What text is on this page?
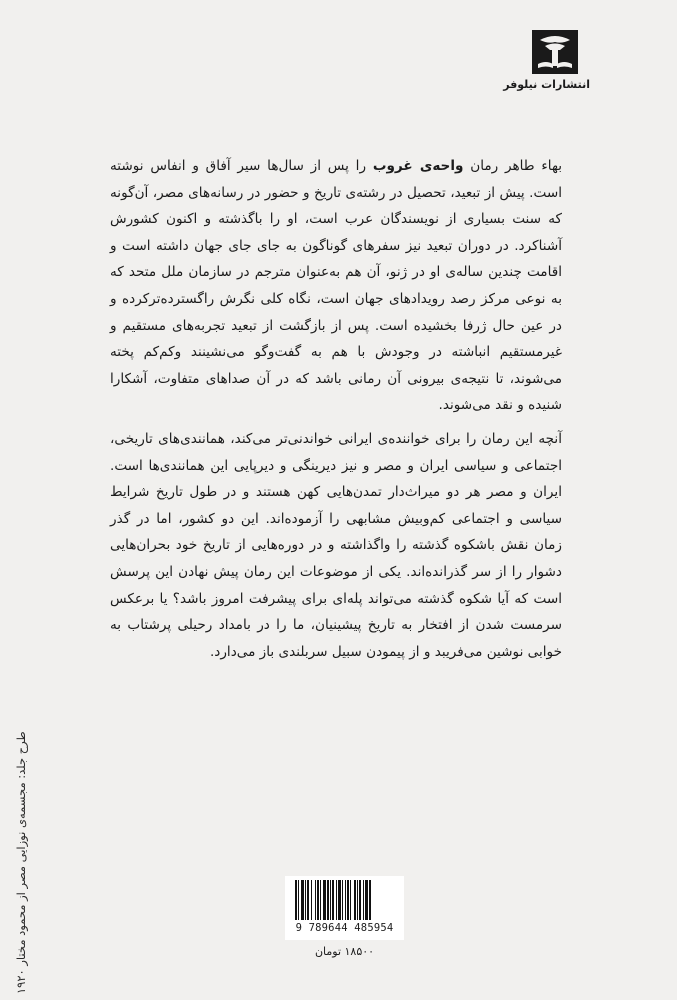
انتشارات نیلوفر

بهاء طاهر رمان واحه‌ی غروب را پس از سال‌ها سیر آفاق و انفاس نوشته است. پیش از تبعید، تحصیل در رشته‌ی تاریخ و حضور در رسانه‌های مصر، آن‌گونه که سنت بسیاری از نویسندگان عرب است، او را باگذشته و اکنون کشورش آشناکرد. در دوران تبعید نیز سفرهای گوناگون به جای جای جهان داشته است و اقامت چندین ساله‌ی او در ژنو، آن هم به‌عنوان مترجم در سازمان ملل متحد که به نوعی مرکز رصد رویدادهای جهان است، نگاه کلی نگرش راگسترده‌ترکرده و در عین حال ژرفا بخشیده است. پس از بازگشت از تبعید تجربه‌های مستقیم و غیرمستقیم انباشته در وجودش با هم به گفت‌وگو می‌نشینند وکم‌کم پخته می‌شوند، تا نتیجه‌ی بیرونی آن رمانی باشد که در آن صداهای متفاوت، آشکارا شنیده و نقد می‌شوند.

آنچه این رمان را برای خواننده‌ی ایرانی خواندنی‌تر می‌کند، همانندی‌های تاریخی، اجتماعی و سیاسی ایران و مصر و نیز دیرینگی و دیرپایی این همانندی‌ها است. ایران و مصر هر دو میراث‌دار تمدن‌هایی کهن هستند و در طول تاریخ شرایط سیاسی و اجتماعی کم‌وبیش مشابهی را آزموده‌اند. این دو کشور، اما در گذر زمان نقش باشکوه گذشته را واگذاشته و در دوره‌هایی از تاریخ خود بحران‌هایی دشوار را از سر گذرانده‌اند. یکی از موضوعات این رمان پیش نهادن این پرسش است که آیا شکوه گذشته می‌تواند پله‌ای برای پیشرفت امروز باشد؟ یا برعکس سرمست شدن از افتخار به تاریخ پیشینیان، ما را در بامداد رحیلی پرشتاب به خوابی نوشین می‌فریبد و از پیمودن سبیل سربلندی باز می‌دارد.

طرح جلد: مجسمه‌ی نوزایی مصر از محمود مختار ۱۹۲۰	9 789644 485954
۱۸۵۰۰ تومان
